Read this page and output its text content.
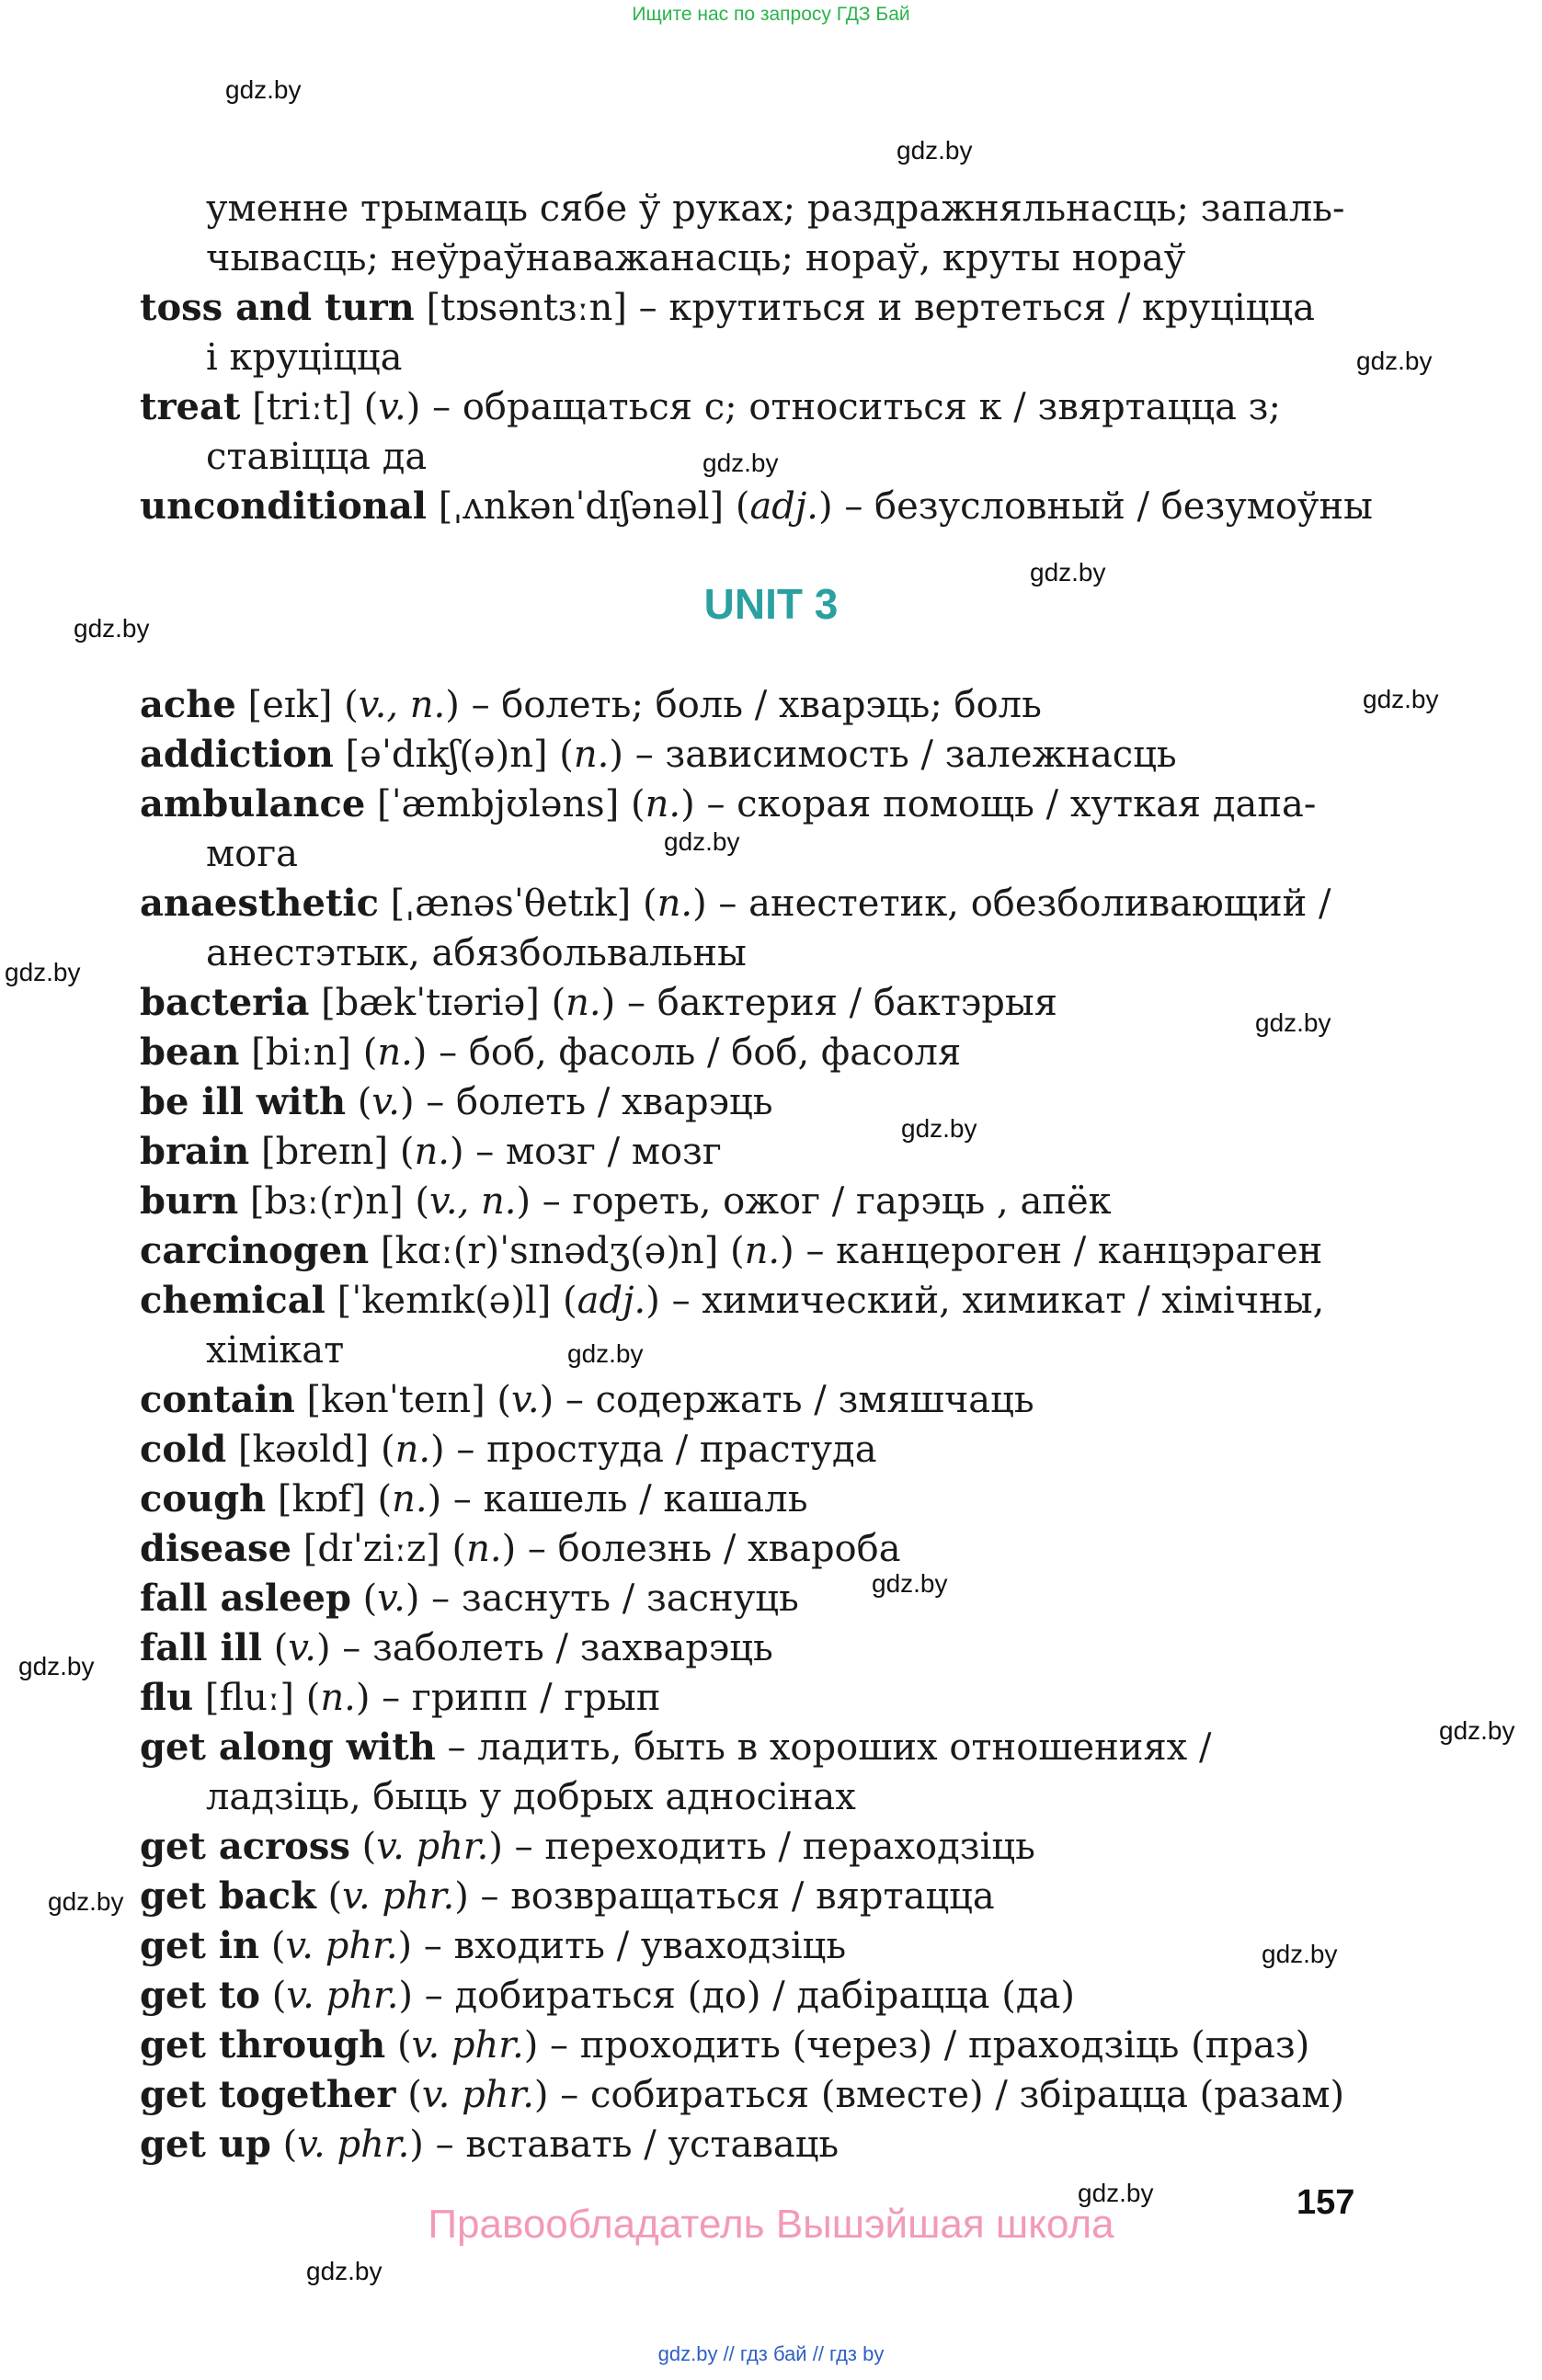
Ищите нас по запросу ГДЗ Бай
gdz.by
gdz.by
gdz.by
gdz.by
gdz.by
gdz.by
gdz.by
gdz.by
gdz.by
gdz.by
gdz.by
gdz.by
gdz.by
gdz.by
gdz.by
gdz.by
gdz.by
gdz.by
gdz.by
UNIT 3
уменне трымаць сябе ў руках; раздражняльнасць; запаль-
чывасць; неўраўнаважанасць; нораў, круты нораў
toss and turn [tɒsəntɜːn] – крутиться и вертеться / круціцца
і круціцца
treat [triːt] (v.) – обращаться с; относиться к / звяртацца з;
ставіцца да
unconditional [ˌʌnkənˈdɪʃənəl] (adj.) – безусловный / безумоўны
ache [eɪk] (v., n.) – болеть; боль / хварэць; боль
addiction [əˈdɪkʃ(ə)n] (n.) – зависимость / залежнасць
ambulance [ˈæmbjʊləns] (n.) – скорая помощь / хуткая дапа-
мога
anaesthetic [ˌænəsˈθetɪk] (n.) – анестетик, обезболивающий /
анестэтык, абязбольвальны
bacteria [bækˈtɪəriə] (n.) – бактерия / бактэрыя
bean [biːn] (n.) – боб, фасоль / боб, фасоля
be ill with (v.) – болеть / хварэць
brain [breɪn] (n.) – мозг / мозг
burn [bɜː(r)n] (v., n.) – гореть, ожог / гарэць , апёк
carcinogen [kɑː(r)ˈsɪnədʒ(ə)n] (n.) – канцероген / канцэраген
chemical [ˈkemɪk(ə)l] (adj.) – химический, химикат / хімічны,
хімікат
contain [kənˈteɪn] (v.) – содержать / змяшчаць
cold [kəʊld] (n.) – простуда / прастуда
cough [kɒf] (n.) – кашель / кашаль
disease [dɪˈziːz] (n.) – болезнь / хвароба
fall asleep (v.) – заснуть / заснуць
fall ill (v.) – заболеть / захварэць
flu [fluː] (n.) – грипп / грып
get along with – ладить, быть в хороших отношениях /
ладзіць, быць у добрых адносінах
get across (v. phr.) – переходить / пераходзіць
get back (v. phr.) – возвращаться / вяртацца
get in (v. phr.) – входить / уваходзіць
get to (v. phr.) – добираться (до) / дабірацца (да)
get through (v. phr.) – проходить (через) / праходзіць (праз)
get together (v. phr.) – собираться (вместе) / збірацца (разам)
get up (v. phr.) – вставать / уставаць
157
Правообладатель Вышэйшая школа
gdz.by // гдз бай // гдз by
